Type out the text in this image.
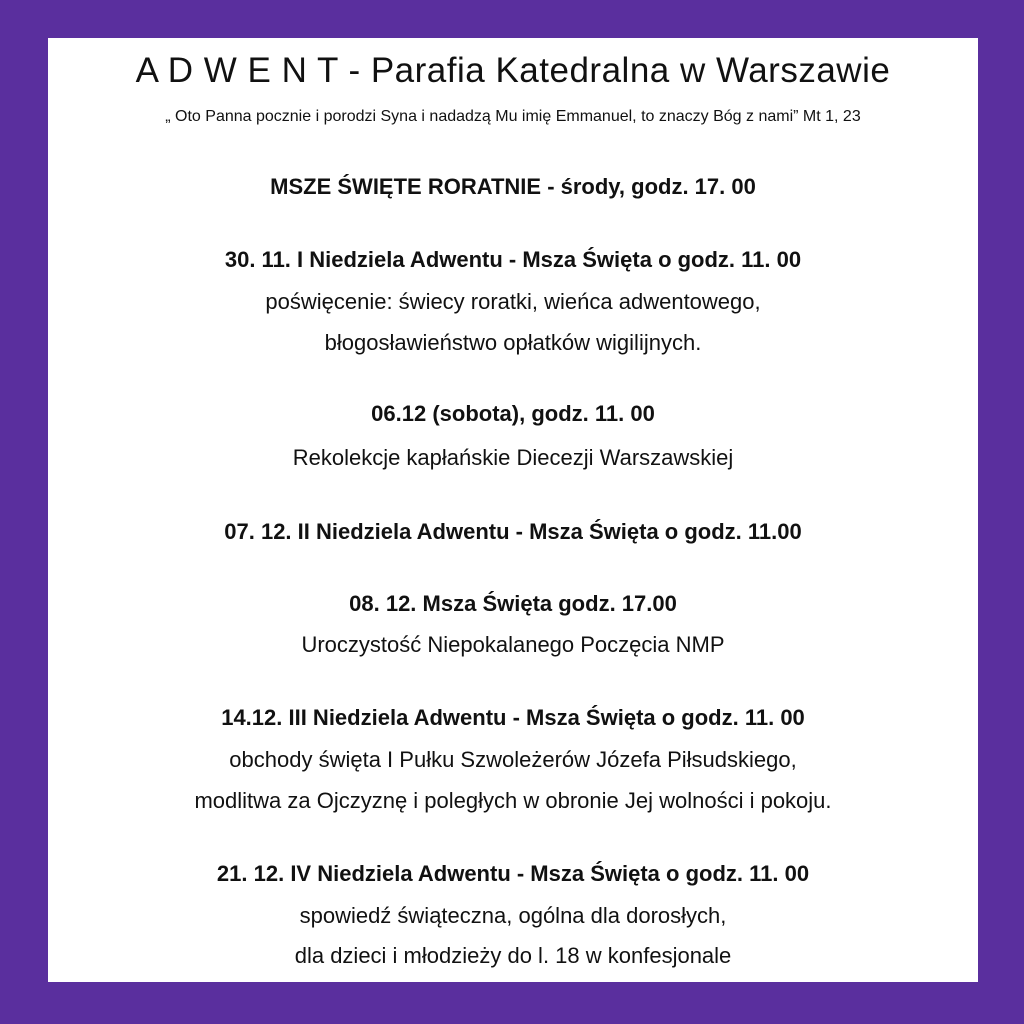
A D W E N T - Parafia Katedralna w Warszawie
„ Oto Panna pocznie i porodzi Syna i nadadzą Mu imię Emmanuel, to znaczy Bóg z nami” Mt 1, 23
MSZE ŚWIĘTE RORATNIE - środy, godz. 17. 00
30. 11. I Niedziela Adwentu - Msza Święta o godz. 11. 00
poświęcenie: świecy roratki, wieńca adwentowego,
błogosławieństwo opłatków wigilijnych.
06.12 (sobota), godz. 11. 00
Rekolekcje kapłańskie Diecezji Warszawskiej
07. 12. II Niedziela Adwentu - Msza Święta o godz. 11.00
08. 12. Msza Święta godz. 17.00
Uroczystość Niepokalanego Poczęcia NMP
14.12. III Niedziela Adwentu - Msza Święta o godz. 11. 00
obchody święta I Pułku Szwoleżerów Józefa Piłsudskiego,
modlitwa za Ojczyznę i poległych w obronie Jej wolności i pokoju.
21. 12. IV Niedziela Adwentu - Msza Święta o godz. 11. 00
spowiedź świąteczna, ogólna dla dorosłych,
dla dzieci i młodzieży do l. 18 w konfesjonale
